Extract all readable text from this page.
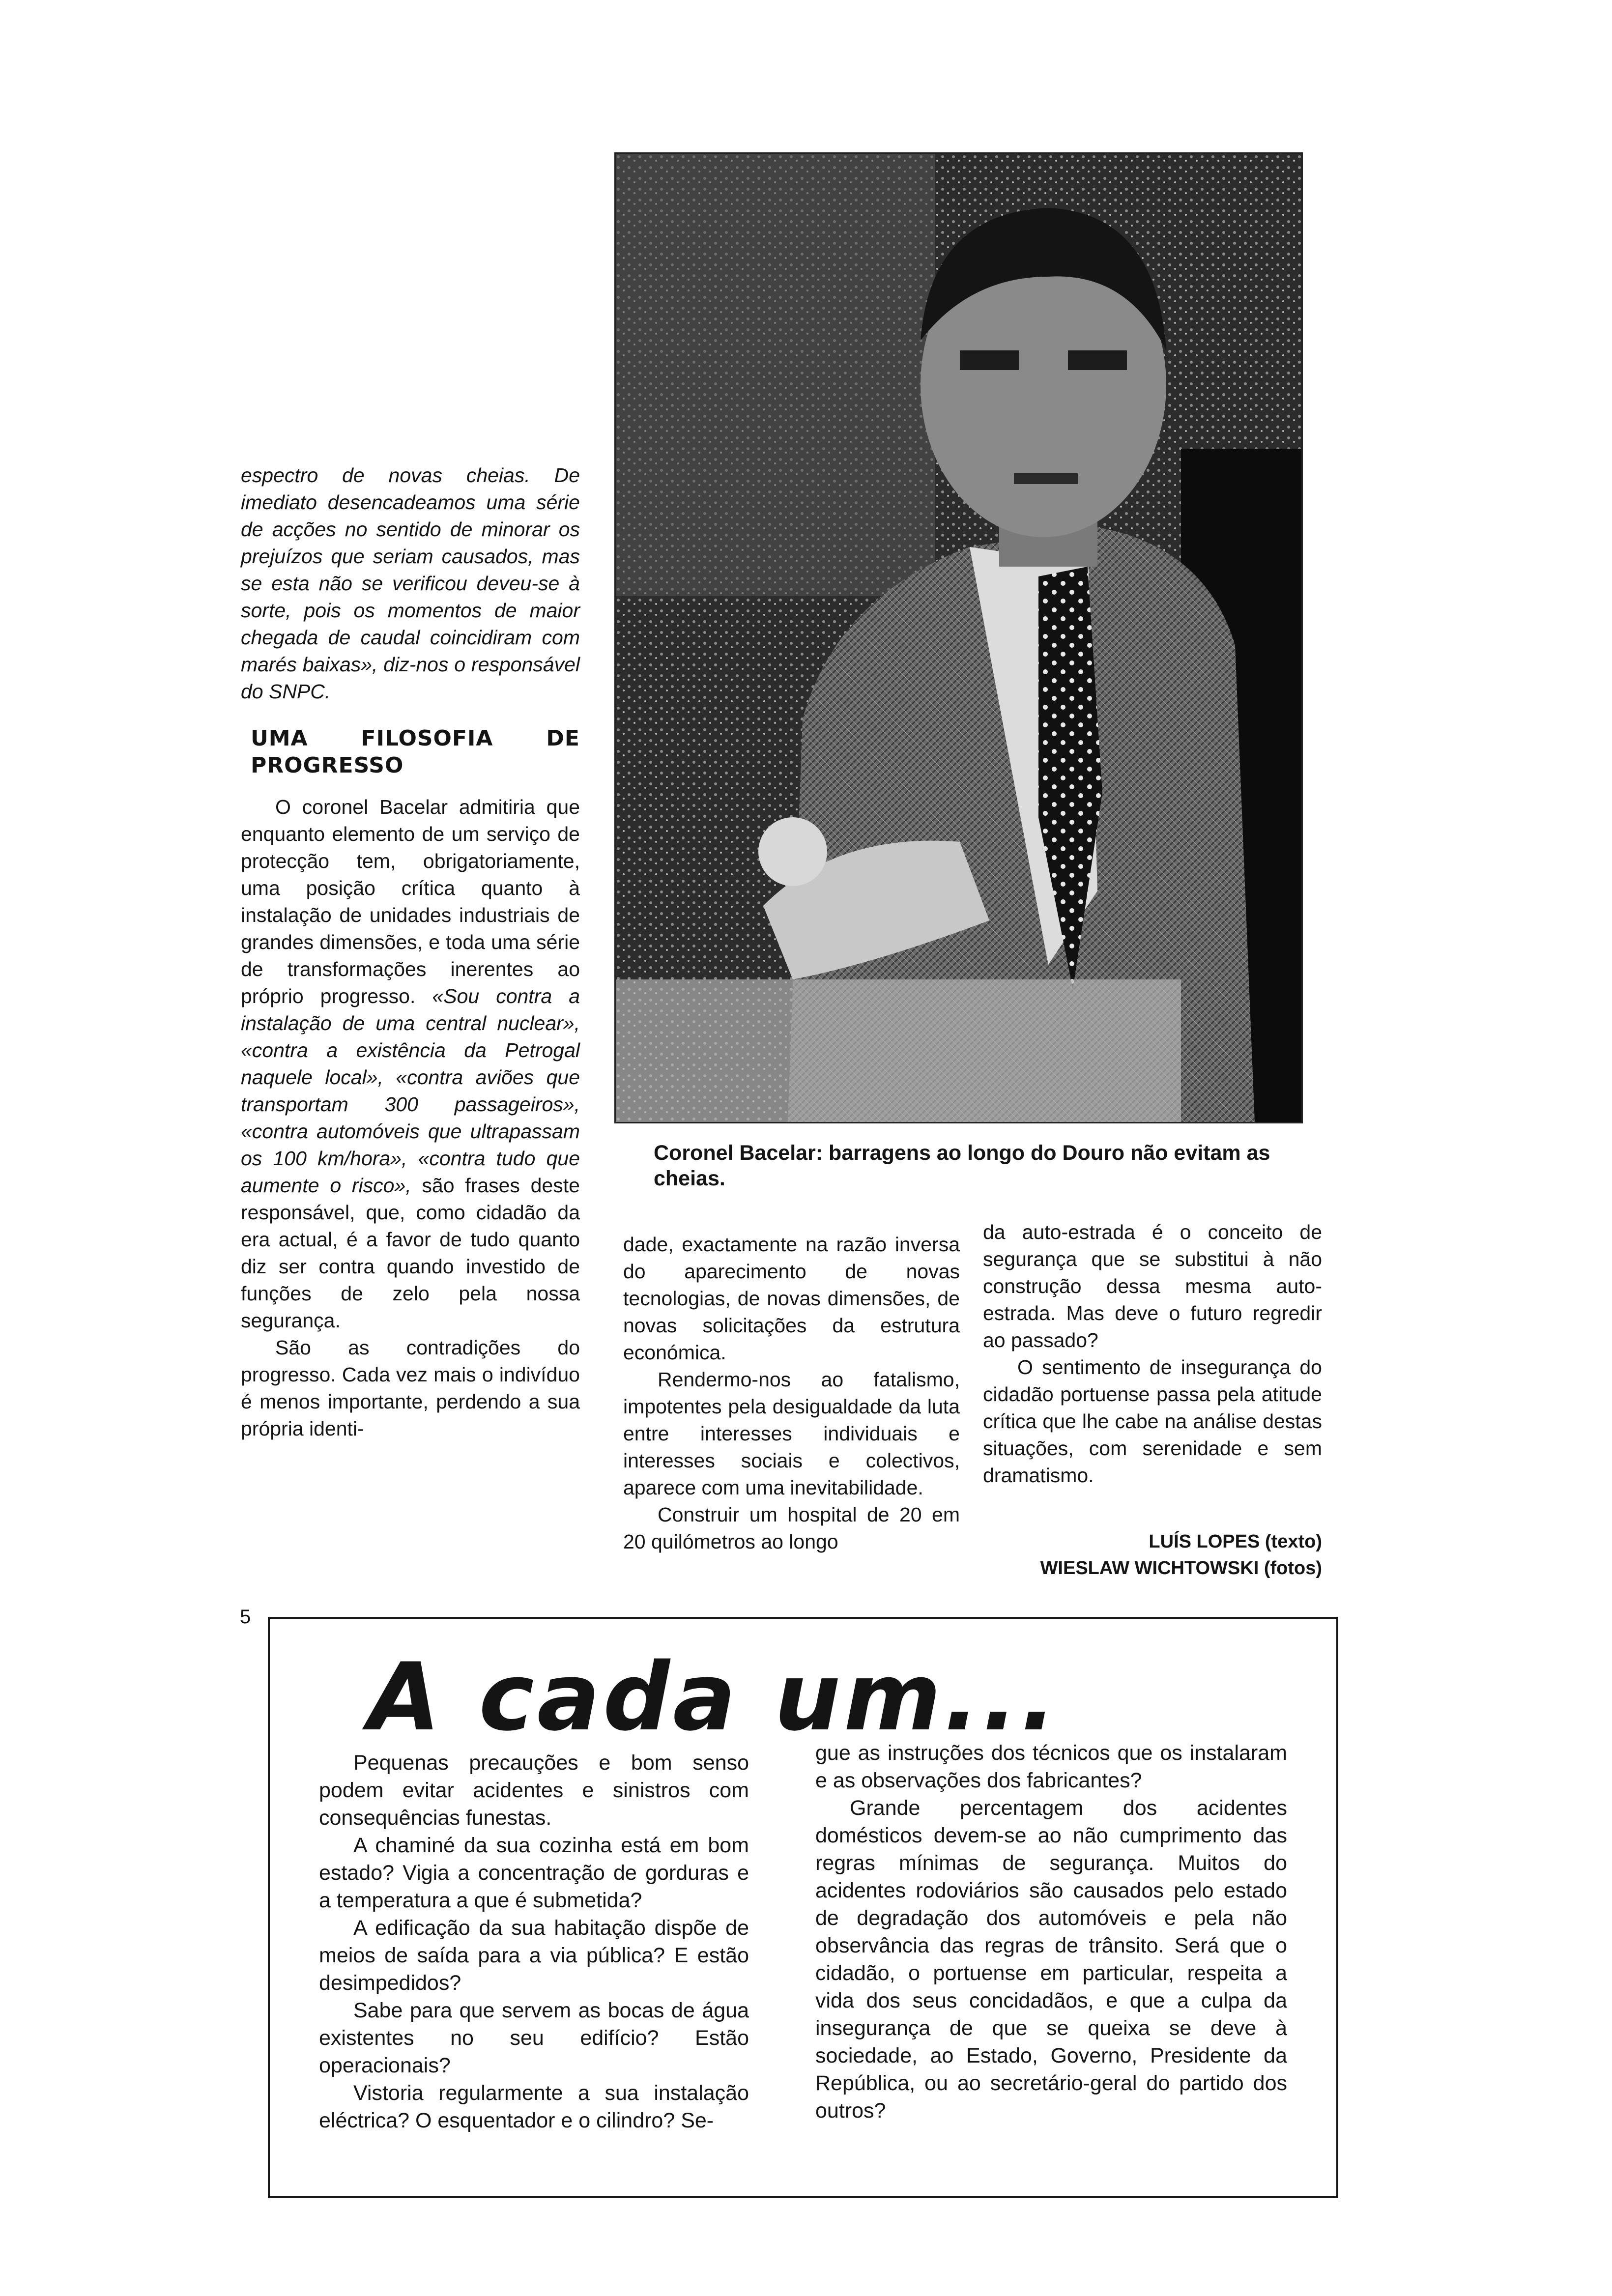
espectro de novas cheias. De imediato desencadeamos uma série de acções no sentido de minorar os prejuízos que seriam causados, mas se esta não se verificou deveu-se à sorte, pois os momentos de maior chegada de caudal coincidiram com marés baixas», diz-nos o responsável do SNPC.

UMA FILOSOFIA DE PROGRESSO

O coronel Bacelar admitiria que enquanto elemento de um serviço de protecção tem, obrigatoriamente, uma posição crítica quanto à instalação de unidades industriais de grandes dimensões, e toda uma série de transformações inerentes ao próprio progresso. «Sou contra a instalação de uma central nuclear», «contra a existência da Petrogal naquele local», «contra aviões que transportam 300 passageiros», «contra automóveis que ultrapassam os 100 km/hora», «contra tudo que aumente o risco», são frases deste responsável, que, como cidadão da era actual, é a favor de tudo quanto diz ser contra quando investido de funções de zelo pela nossa segurança.

São as contradições do progresso. Cada vez mais o indivíduo é menos importante, perdendo a sua própria identi-

Coronel Bacelar: barragens ao longo do Douro não evitam as cheias.

dade, exactamente na razão inversa do aparecimento de novas tecnologias, de novas dimensões, de novas solicitações da estrutura económica.

Rendermo-nos ao fatalismo, impotentes pela desigualdade da luta entre interesses individuais e interesses sociais e colectivos, aparece com uma inevitabilidade.

Construir um hospital de 20 em 20 quilómetros ao longo

da auto-estrada é o conceito de segurança que se substitui à não construção dessa mesma auto-estrada. Mas deve o futuro regredir ao passado?

O sentimento de insegurança do cidadão portuense passa pela atitude crítica que lhe cabe na análise destas situações, com serenidade e sem dramatismo.

LUÍS LOPES (texto)
WIESLAW WICHTOWSKI (fotos)
5
A cada um...

Pequenas precauções e bom senso podem evitar acidentes e sinistros com consequências funestas.

A chaminé da sua cozinha está em bom estado? Vigia a concentração de gorduras e a temperatura a que é submetida?

A edificação da sua habitação dispõe de meios de saída para a via pública? E estão desimpedidos?

Sabe para que servem as bocas de água existentes no seu edifício? Estão operacionais?

Vistoria regularmente a sua instalação eléctrica? O esquentador e o cilindro? Se-

gue as instruções dos técnicos que os instalaram e as observações dos fabricantes?

Grande percentagem dos acidentes domésticos devem-se ao não cumprimento das regras mínimas de segurança. Muitos do acidentes rodoviários são causados pelo estado de degradação dos automóveis e pela não observância das regras de trânsito. Será que o cidadão, o portuense em particular, respeita a vida dos seus concidadãos, e que a culpa da insegurança de que se queixa se deve à sociedade, ao Estado, Governo, Presidente da República, ou ao secretário-geral do partido dos outros?
